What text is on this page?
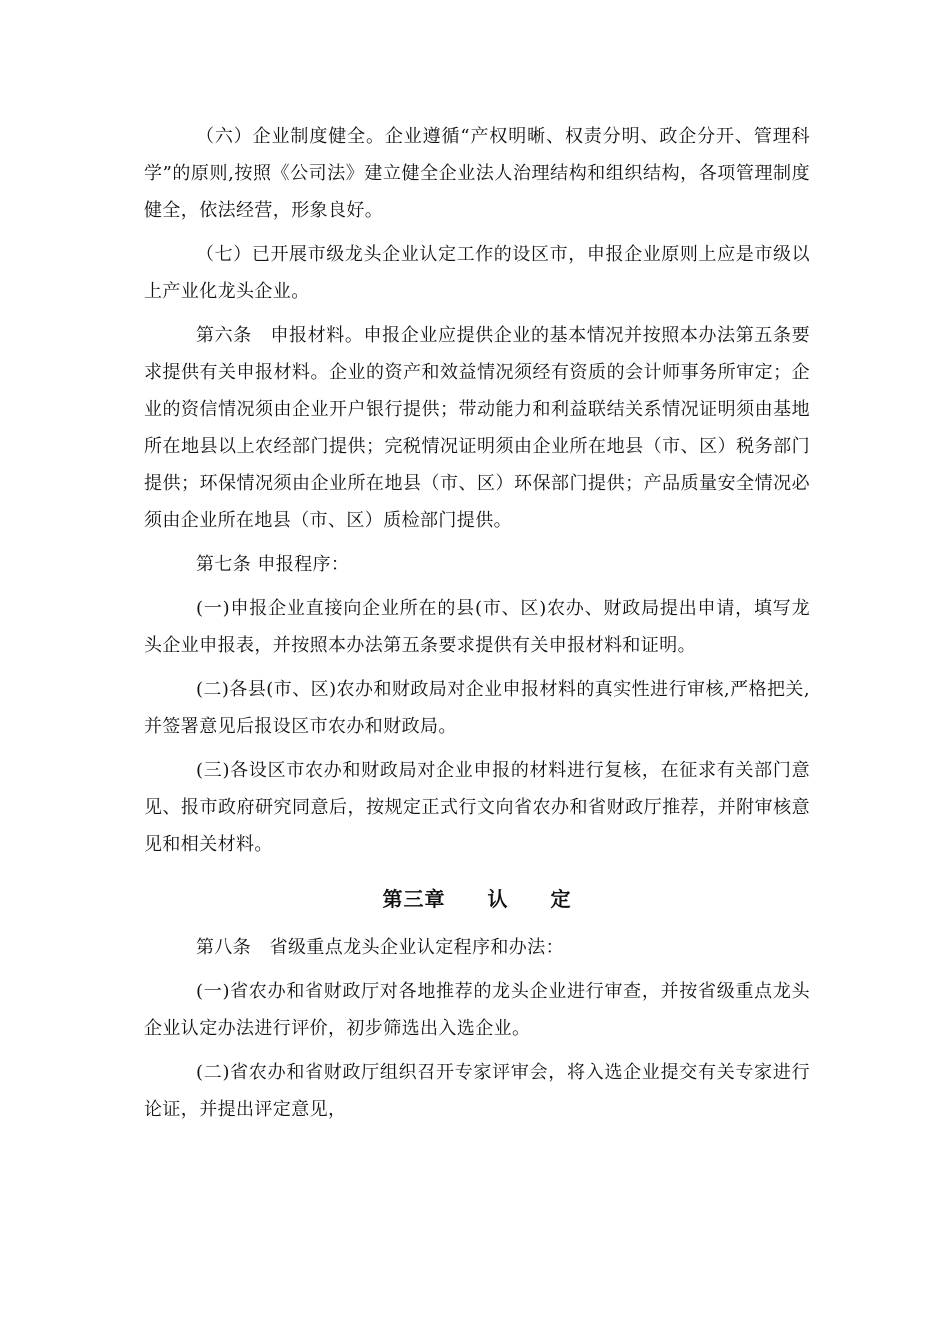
（六）企业制度健全。企业遵循“产权明晰、权责分明、政企分开、管理科学”的原则,按照《公司法》建立健全企业法人治理结构和组织结构，各项管理制度健全，依法经营，形象良好。

（七）已开展市级龙头企业认定工作的设区市，申报企业原则上应是市级以上产业化龙头企业。

第六条　申报材料。申报企业应提供企业的基本情况并按照本办法第五条要求提供有关申报材料。企业的资产和效益情况须经有资质的会计师事务所审定；企业的资信情况须由企业开户银行提供；带动能力和利益联结关系情况证明须由基地所在地县以上农经部门提供；完税情况证明须由企业所在地县（市、区）税务部门提供；环保情况须由企业所在地县（市、区）环保部门提供；产品质量安全情况必须由企业所在地县（市、区）质检部门提供。

第七条 申报程序：

(一)申报企业直接向企业所在的县(市、区)农办、财政局提出申请，填写龙头企业申报表，并按照本办法第五条要求提供有关申报材料和证明。

(二)各县(市、区)农办和财政局对企业申报材料的真实性进行审核,严格把关,并签署意见后报设区市农办和财政局。

(三)各设区市农办和财政局对企业申报的材料进行复核，在征求有关部门意见、报市政府研究同意后，按规定正式行文向省农办和省财政厅推荐，并附审核意见和相关材料。

第三章　　认　　定

第八条　省级重点龙头企业认定程序和办法：

(一)省农办和省财政厅对各地推荐的龙头企业进行审查，并按省级重点龙头企业认定办法进行评价，初步筛选出入选企业。

(二)省农办和省财政厅组织召开专家评审会，将入选企业提交有关专家进行论证，并提出评定意见，
